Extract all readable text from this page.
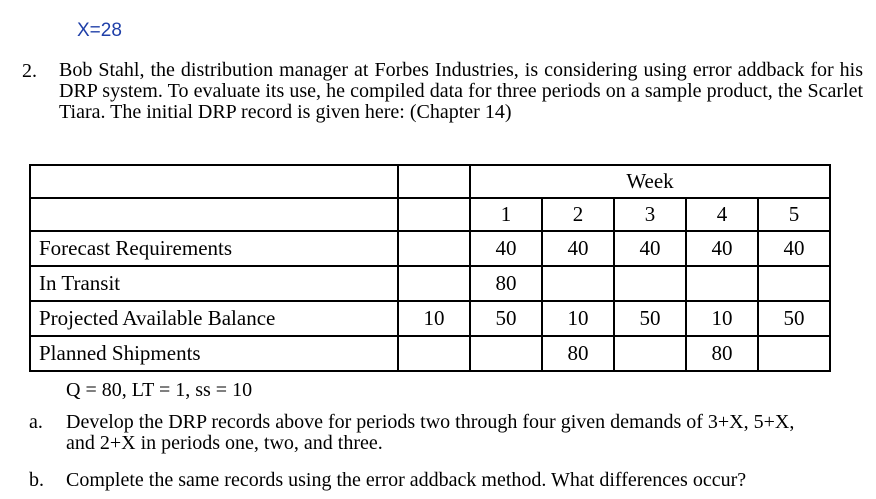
X=28
2. Bob Stahl, the distribution manager at Forbes Industries, is considering using error addback for his DRP system. To evaluate its use, he compiled data for three periods on a sample product, the Scarlet Tiara. The initial DRP record is given here: (Chapter 14)
		Week				
		1	2	3	4	5
Forecast Requirements		40	40	40	40	40
In Transit		80				
Projected Available Balance	10	50	10	50	10	50
Planned Shipments			80		80	
Q = 80, LT = 1, ss = 10
a. Develop the DRP records above for periods two through four given demands of 3+X, 5+X,
and 2+X in periods one, two, and three.
b. Complete the same records using the error addback method. What differences occur?
